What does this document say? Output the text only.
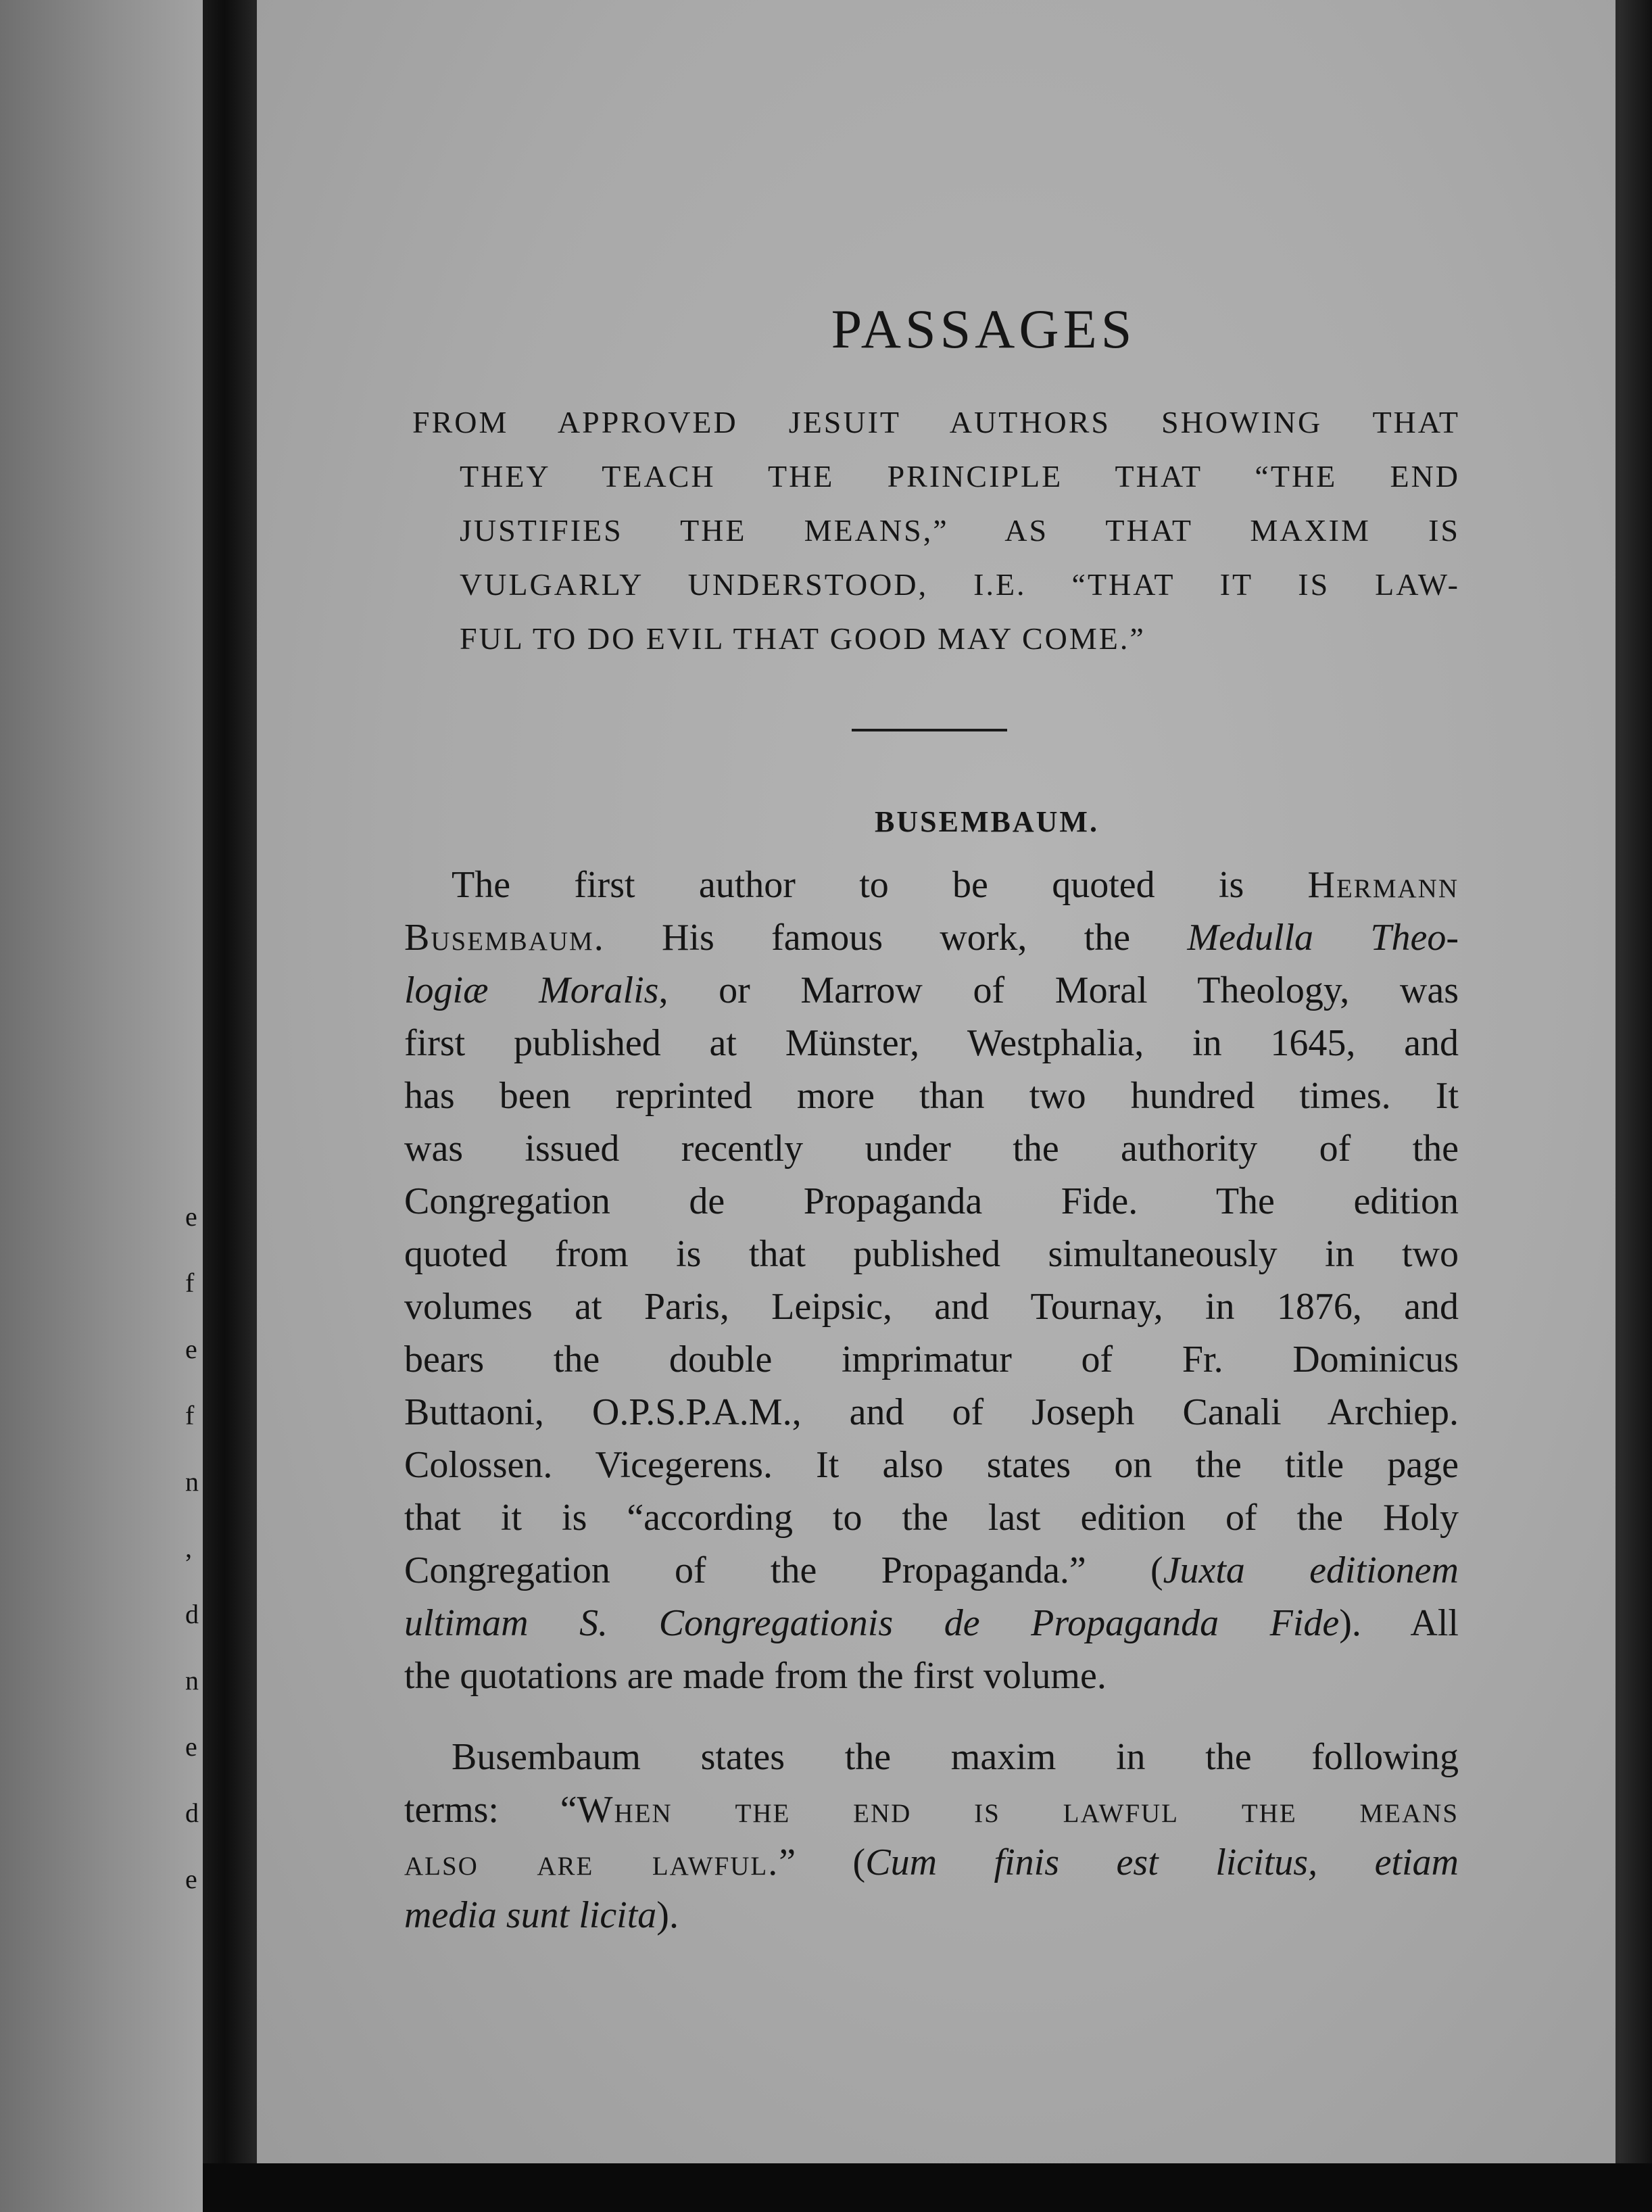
e
f
e
f
n
,
d
n
e
d
e
PASSAGES
FROM APPROVED JESUIT AUTHORS SHOWING THAT
THEY TEACH THE PRINCIPLE THAT “THE END
JUSTIFIES THE MEANS,” AS THAT MAXIM IS
VULGARLY UNDERSTOOD, I.E. “THAT IT IS LAW-
FUL TO DO EVIL THAT GOOD MAY COME.”
BUSEMBAUM.
The first author to be quoted is Hermann
Busembaum. His famous work, the Medulla Theo-
logiæ Moralis, or Marrow of Moral Theology, was
first published at Münster, Westphalia, in 1645, and
has been reprinted more than two hundred times. It
was issued recently under the authority of the
Congregation de Propaganda Fide. The edition
quoted from is that published simultaneously in two
volumes at Paris, Leipsic, and Tournay, in 1876, and
bears the double imprimatur of Fr. Dominicus
Buttaoni, O.P.S.P.A.M., and of Joseph Canali Archiep.
Colossen. Vicegerens. It also states on the title page
that it is “according to the last edition of the Holy
Congregation of the Propaganda.” (Juxta editionem
ultimam S. Congregationis de Propaganda Fide). All
the quotations are made from the first volume.
Busembaum states the maxim in the following
terms: “When the end is lawful the means
also are lawful.” (Cum finis est licitus, etiam
media sunt licita).
